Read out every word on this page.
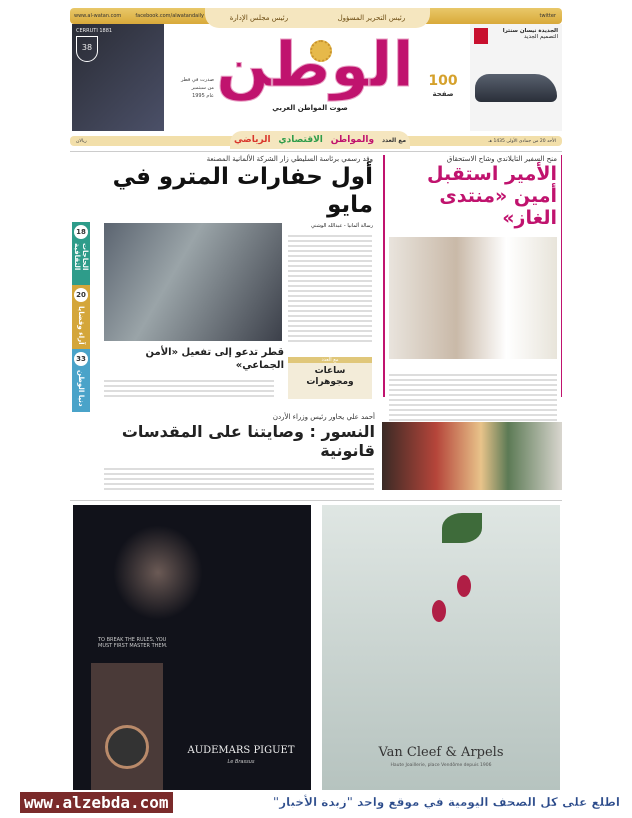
www.al-watan.com	facebook.com/alwatandaily	twitter
رئيس مجلس الإدارة	رئيس التحرير المسؤول
CERRUTI 1881
38 الوطن
صوت المواطن العربي
100
صفحة
صدرت في قطر
من سبتمبر
عام 1995
الجديدة نيسان سنترا
التصميم الجديد
الأحد 20 من جمادى الأولى 1435 هـ
ريالان	مع العدد
والمواطن
الاقتصادي
الرياضي
منح السفير التايلاندي وشاح الاستحقاق
الأمير استقبل
أمين «منتدى الغاز»
وفد رسمي برئاسة السليطي زار الشركة الألمانية المصنعة
أول حفارات المترو في مايو
رسالة ألمانيا - عبدالله الوشني
قطر تدعو إلى تفعيل «الأمن الجماعي»	مع العدد
ساعات ومجوهرات
18
الحاجات الثقافية
20
آراء وقضايا
33
دنيا الوطن
أحمد علي يحاور رئيس وزراء الأردن
النسور : وصايتنا على المقدسات قانونية
TO BREAK THE RULES, YOU MUST FIRST MASTER THEM.
AUDEMARS PIGUET
Le Brassus
Van Cleef & Arpels
Haute Joaillerie, place Vendôme depuis 1906
www.alzebda.com	اطلع على كل الصحف اليومية في موقع واحد "زبدة الأخبار"
